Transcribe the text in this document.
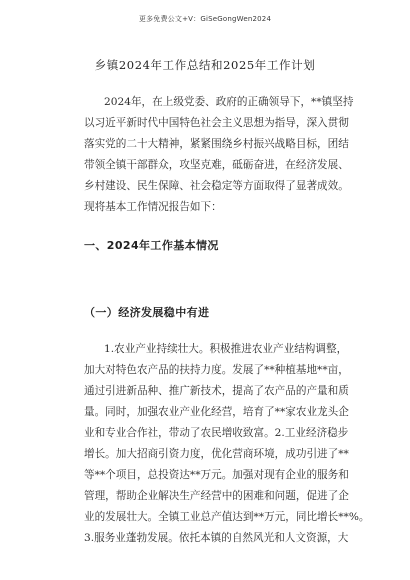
更多免费公文+V：GiSeGongWen2024
乡镇2024年工作总结和2025年工作计划
2024年，在上级党委、政府的正确领导下，**镇坚持
以习近平新时代中国特色社会主义思想为指导，深入贯彻
落实党的二十大精神，紧紧围绕乡村振兴战略目标，团结
带领全镇干部群众，攻坚克难，砥砺奋进，在经济发展、
乡村建设、民生保障、社会稳定等方面取得了显著成效。
现将基本工作情况报告如下：
一、2024年工作基本情况
（一）经济发展稳中有进
1.农业产业持续壮大。积极推进农业产业结构调整，
加大对特色农产品的扶持力度。发展了**种植基地**亩，
通过引进新品种、推广新技术，提高了农产品的产量和质
量。同时，加强农业产业化经营，培育了**家农业龙头企
业和专业合作社，带动了农民增收致富。2.工业经济稳步
增长。加大招商引资力度，优化营商环境，成功引进了**
等**个项目，总投资达**万元。加强对现有企业的服务和
管理，帮助企业解决生产经营中的困难和问题，促进了企
业的发展壮大。全镇工业总产值达到**万元，同比增长**%。
3.服务业蓬勃发展。依托本镇的自然风光和人文资源，大
